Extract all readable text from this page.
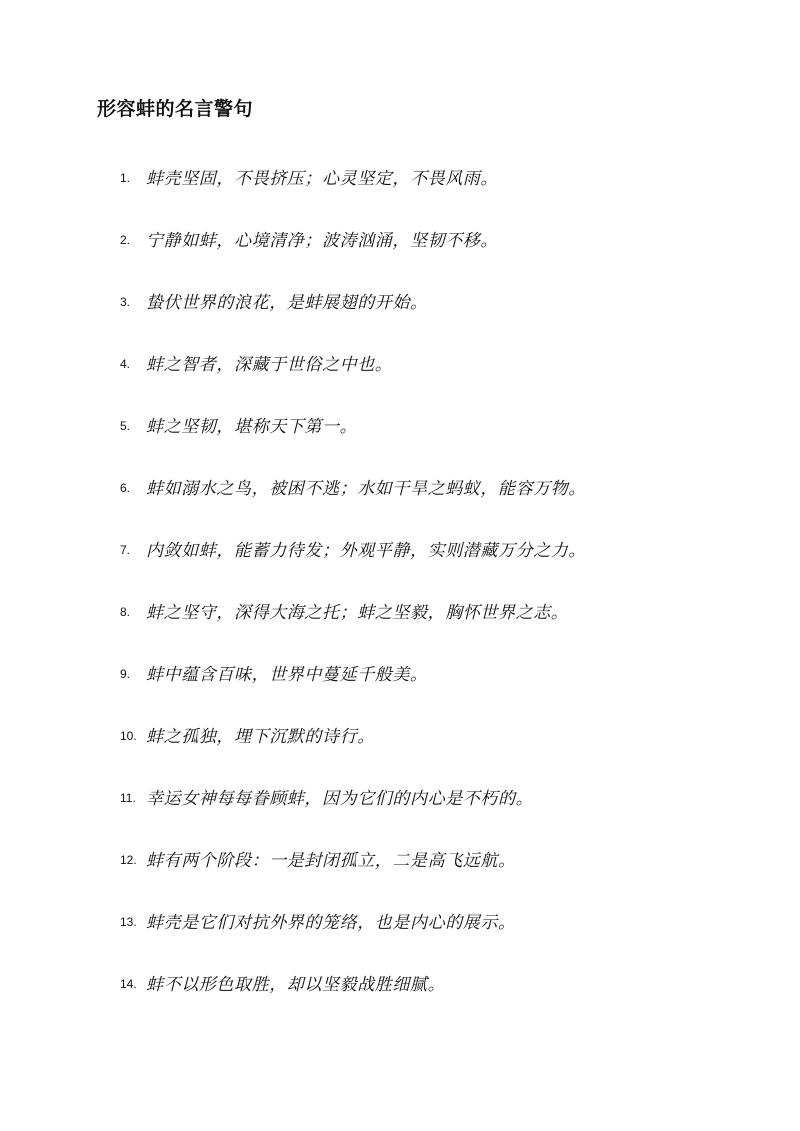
形容蚌的名言警句
1. 蚌壳坚固，不畏挤压；心灵坚定，不畏风雨。
2. 宁静如蚌，心境清净；波涛汹涌，坚韧不移。
3. 蛰伏世界的浪花，是蚌展翅的开始。
4. 蚌之智者，深藏于世俗之中也。
5. 蚌之坚韧，堪称天下第一。
6. 蚌如溺水之鸟，被困不逃；水如干旱之蚂蚁，能容万物。
7. 内敛如蚌，能蓄力待发；外观平静，实则潜藏万分之力。
8. 蚌之坚守，深得大海之托；蚌之坚毅，胸怀世界之志。
9. 蚌中蕴含百味，世界中蔓延千般美。
10. 蚌之孤独，埋下沉默的诗行。
11. 幸运女神每每眷顾蚌，因为它们的内心是不朽的。
12. 蚌有两个阶段：一是封闭孤立，二是高飞远航。
13. 蚌壳是它们对抗外界的笼络，也是内心的展示。
14. 蚌不以形色取胜，却以坚毅战胜细腻。
